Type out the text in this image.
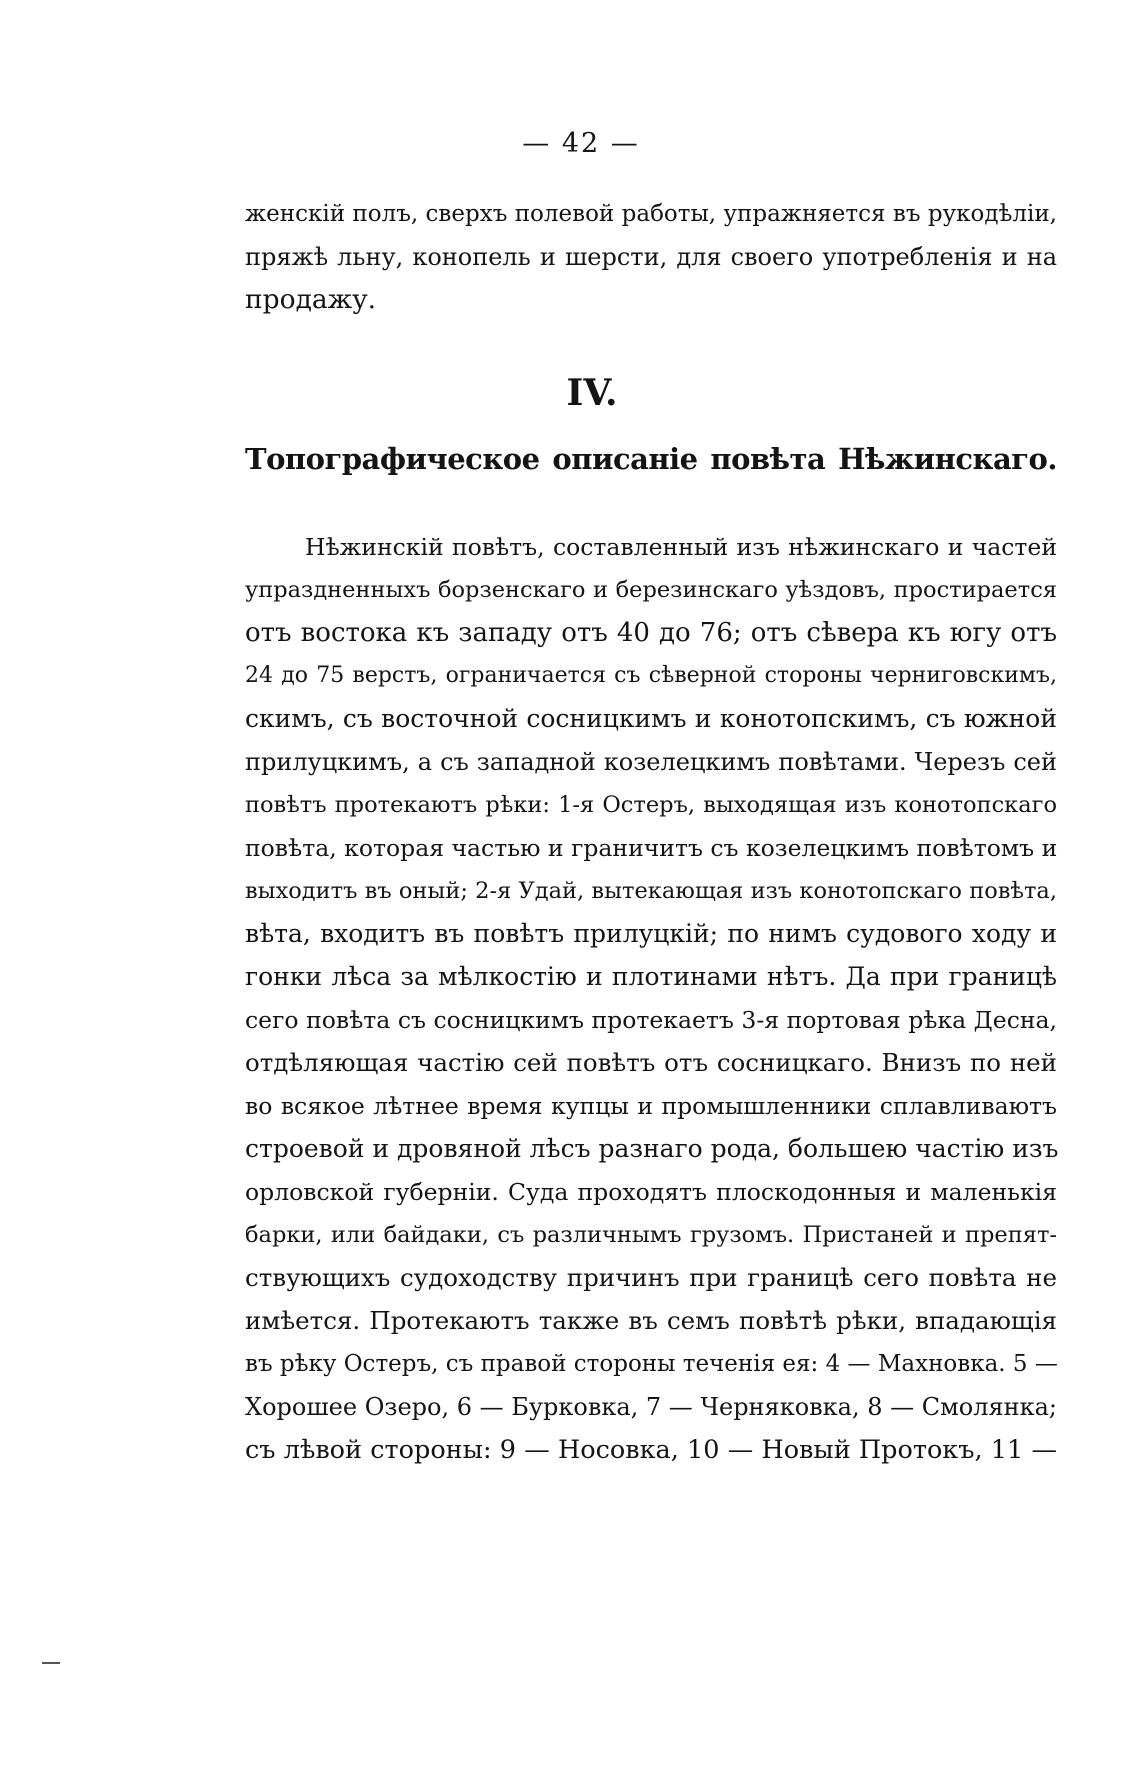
— 42 —
женскій полъ, сверхъ полевой работы, упражняется въ рукодѣліи,
пряжѣ льну, конопель и шерсти, для своего употребленія и на
продажу.
IV.
Топографическое описаніе повѣта Нѣжинскаго.
Нѣжинскій повѣтъ, составленный изъ нѣжинскаго и частей
упраздненныхъ борзенскаго и березинскаго уѣздовъ, простирается
отъ востока къ западу отъ 40 до 76; отъ сѣвера къ югу отъ
24 до 75 верстъ, ограничается съ сѣверной стороны черниговскимъ,
скимъ, съ восточной сосницкимъ и конотопскимъ, съ южной
прилуцкимъ, а съ западной козелецкимъ повѣтами. Черезъ сей
повѣтъ протекаютъ рѣки: 1-я Остеръ, выходящая изъ конотопскаго
повѣта, которая частью и граничитъ съ козелецкимъ повѣтомъ и
выходитъ въ оный; 2-я Удай, вытекающая изъ конотопскаго повѣта,
вѣта, входитъ въ повѣтъ прилуцкій; по нимъ судового ходу и
гонки лѣса за мѣлкостію и плотинами нѣтъ. Да при границѣ
сего повѣта съ сосницкимъ протекаетъ 3-я портовая рѣка Десна,
отдѣляющая частію сей повѣтъ отъ сосницкаго. Внизъ по ней
во всякое лѣтнее время купцы и промышленники сплавливаютъ
строевой и дровяной лѣсъ разнаго рода, большею частію изъ
орловской губерніи. Суда проходятъ плоскодонныя и маленькія
барки, или байдаки, съ различнымъ грузомъ. Пристаней и препят-
ствующихъ судоходству причинъ при границѣ сего повѣта не
имѣется. Протекаютъ также въ семъ повѣтѣ рѣки, впадающія
въ рѣку Остеръ, съ правой стороны теченія ея: 4 — Махновка. 5 —
Хорошее Озеро, 6 — Бурковка, 7 — Черняковка, 8 — Смолянка;
съ лѣвой стороны: 9 — Носовка, 10 — Новый Протокъ, 11 —
